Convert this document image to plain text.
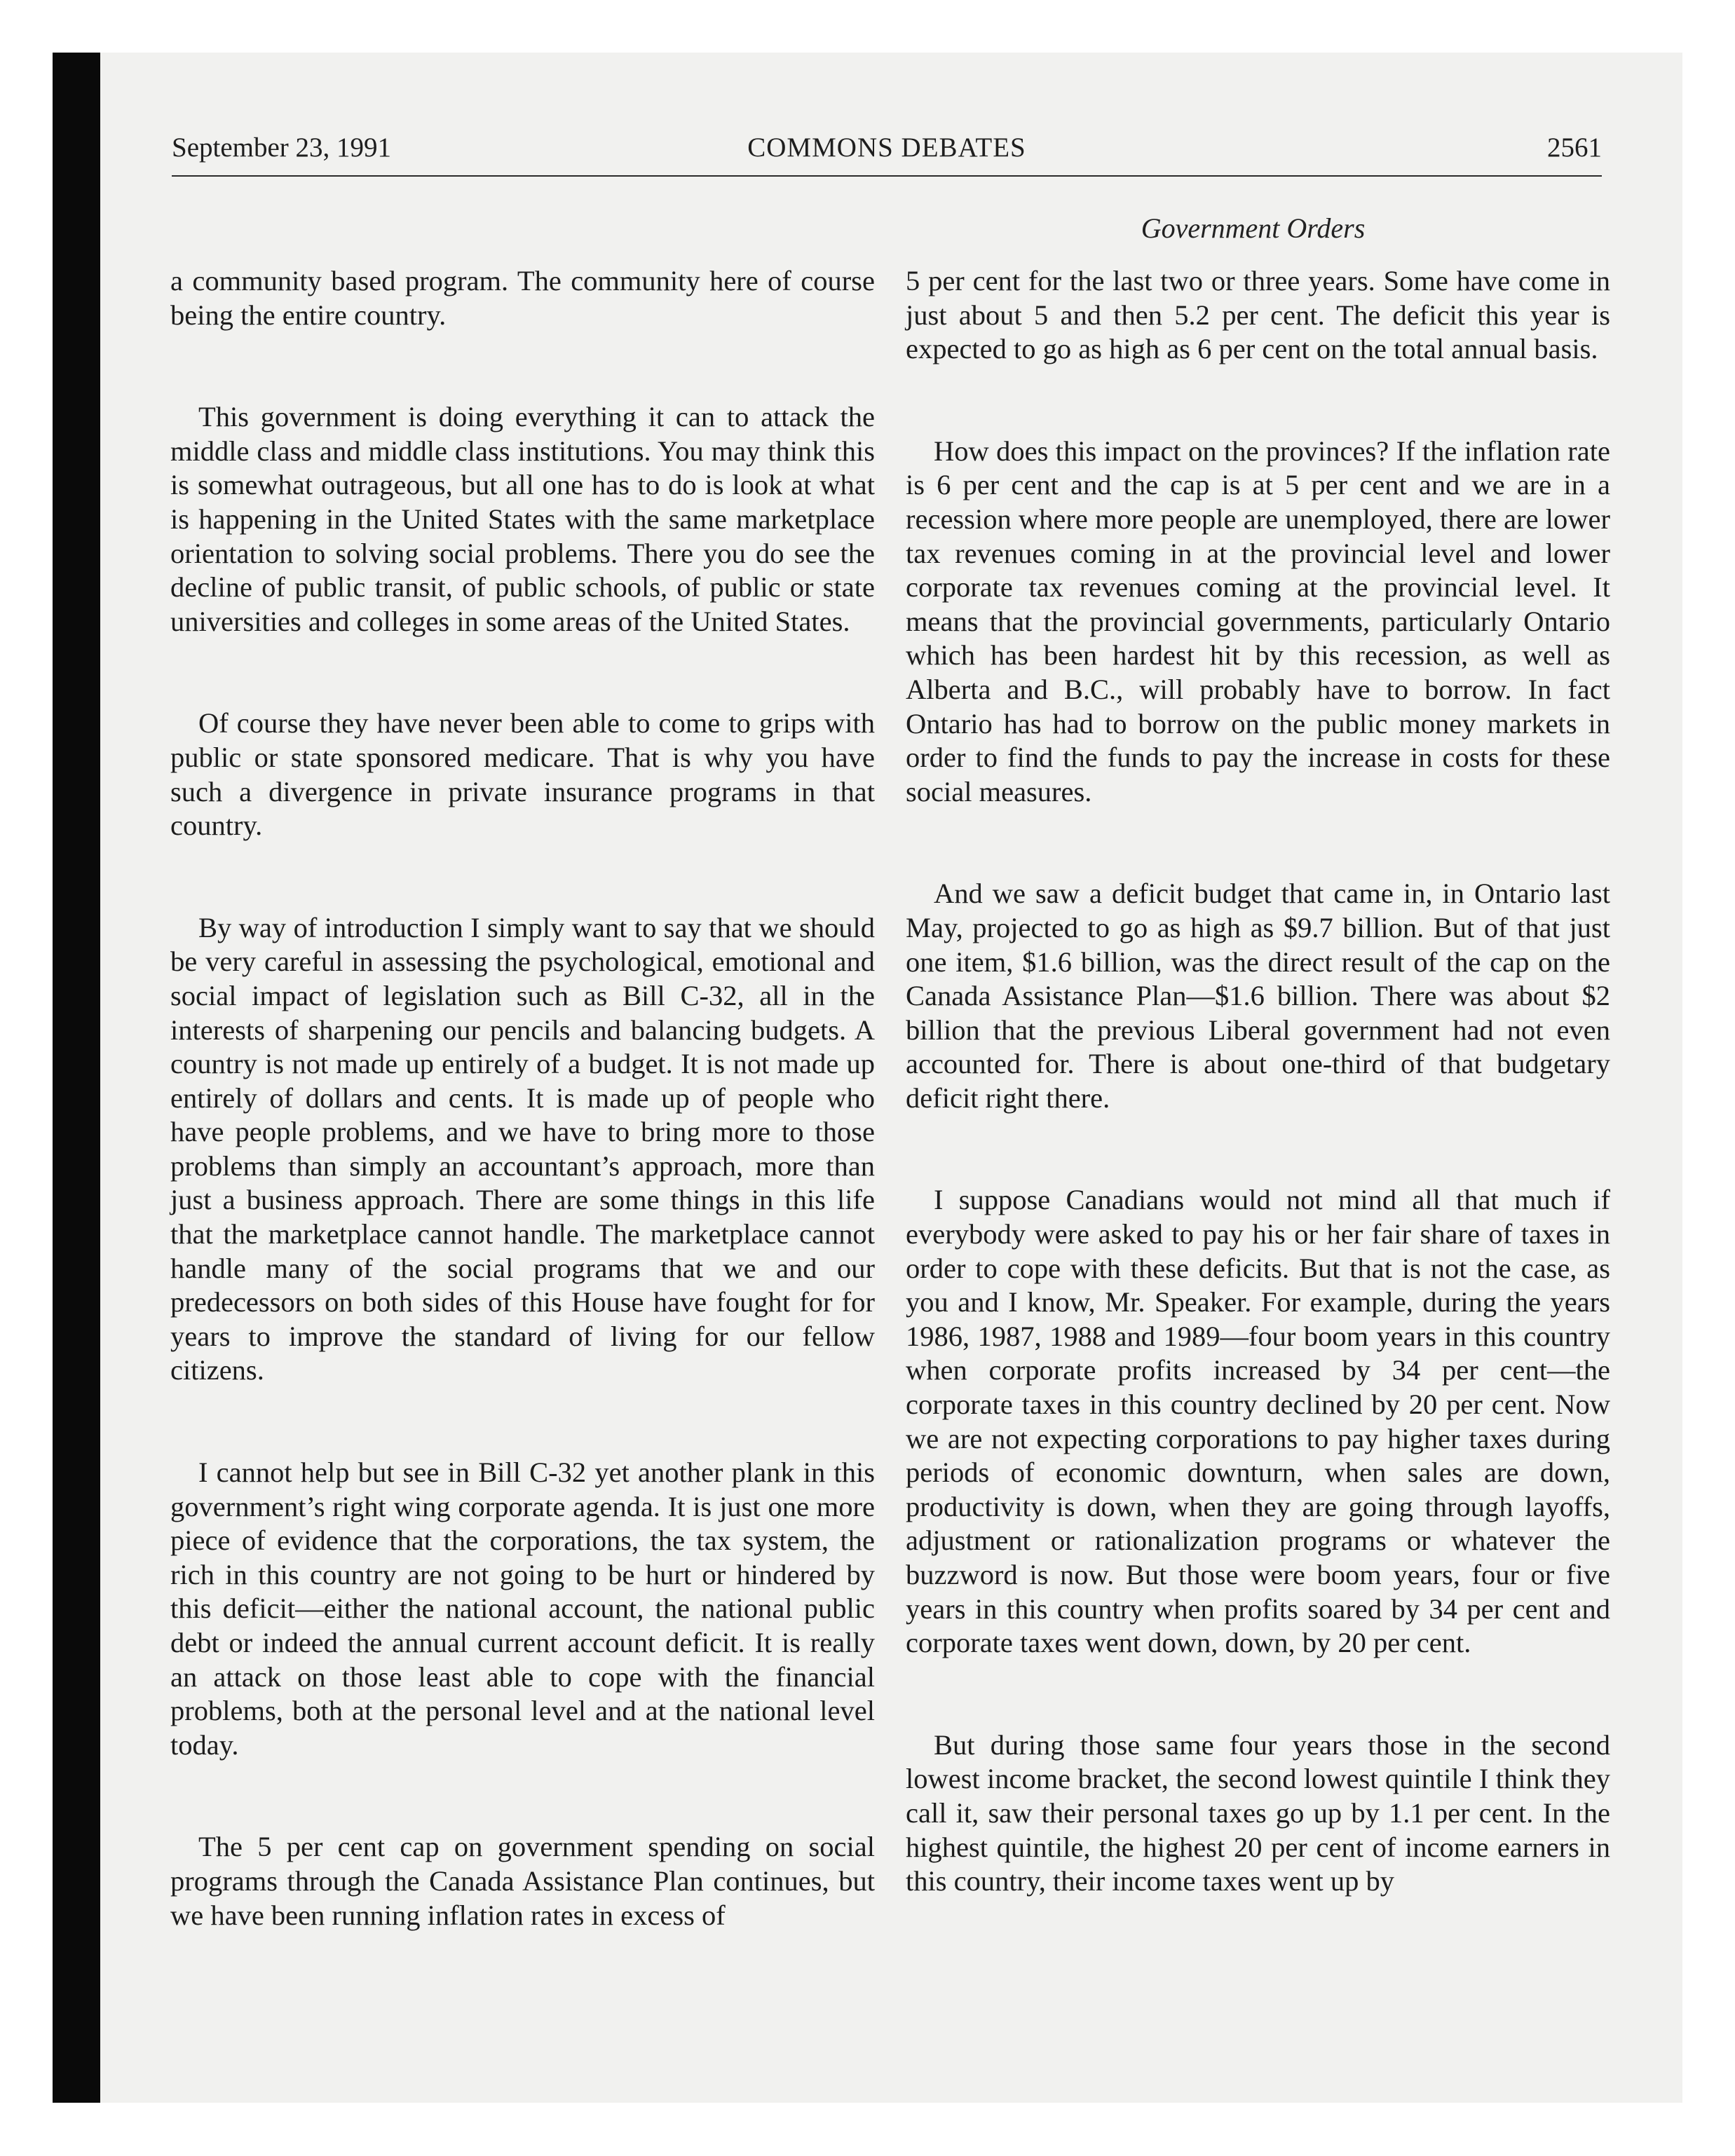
September 23, 1991	COMMONS DEBATES	2561
Government Orders

a community based program. The community here of course being the entire country.

This government is doing everything it can to attack the middle class and middle class institutions. You may think this is somewhat outrageous, but all one has to do is look at what is happening in the United States with the same marketplace orientation to solving social problems. There you do see the decline of public transit, of public schools, of public or state universities and colleges in some areas of the United States.

Of course they have never been able to come to grips with public or state sponsored medicare. That is why you have such a divergence in private insurance programs in that country.

By way of introduction I simply want to say that we should be very careful in assessing the psychological, emotional and social impact of legislation such as Bill C-32, all in the interests of sharpening our pencils and balancing budgets. A country is not made up entirely of a budget. It is not made up entirely of dollars and cents. It is made up of people who have people problems, and we have to bring more to those problems than simply an accountant’s approach, more than just a business approach. There are some things in this life that the marketplace cannot handle. The marketplace cannot handle many of the social programs that we and our predecessors on both sides of this House have fought for for years to improve the standard of living for our fellow citizens.

I cannot help but see in Bill C-32 yet another plank in this government’s right wing corporate agenda. It is just one more piece of evidence that the corporations, the tax system, the rich in this country are not going to be hurt or hindered by this deficit—either the national account, the national public debt or indeed the annual current account deficit. It is really an attack on those least able to cope with the financial problems, both at the personal level and at the national level today.

The 5 per cent cap on government spending on social programs through the Canada Assistance Plan continues, but we have been running inflation rates in excess of

5 per cent for the last two or three years. Some have come in just about 5 and then 5.2 per cent. The deficit this year is expected to go as high as 6 per cent on the total annual basis.

How does this impact on the provinces? If the inflation rate is 6 per cent and the cap is at 5 per cent and we are in a recession where more people are unemployed, there are lower tax revenues coming in at the provincial level and lower corporate tax revenues coming at the provincial level. It means that the provincial governments, particularly Ontario which has been hardest hit by this recession, as well as Alberta and B.C., will probably have to borrow. In fact Ontario has had to borrow on the public money markets in order to find the funds to pay the increase in costs for these social measures.

And we saw a deficit budget that came in, in Ontario last May, projected to go as high as $9.7 billion. But of that just one item, $1.6 billion, was the direct result of the cap on the Canada Assistance Plan—$1.6 billion. There was about $2 billion that the previous Liberal government had not even accounted for. There is about one-third of that budgetary deficit right there.

I suppose Canadians would not mind all that much if everybody were asked to pay his or her fair share of taxes in order to cope with these deficits. But that is not the case, as you and I know, Mr. Speaker. For example, during the years 1986, 1987, 1988 and 1989—four boom years in this country when corporate profits increased by 34 per cent—the corporate taxes in this country declined by 20 per cent. Now we are not expecting corporations to pay higher taxes during periods of economic downturn, when sales are down, productivity is down, when they are going through layoffs, adjustment or rationalization programs or whatever the buzzword is now. But those were boom years, four or five years in this country when profits soared by 34 per cent and corporate taxes went down, down, by 20 per cent.

But during those same four years those in the second lowest income bracket, the second lowest quintile I think they call it, saw their personal taxes go up by 1.1 per cent. In the highest quintile, the highest 20 per cent of income earners in this country, their income taxes went up by
